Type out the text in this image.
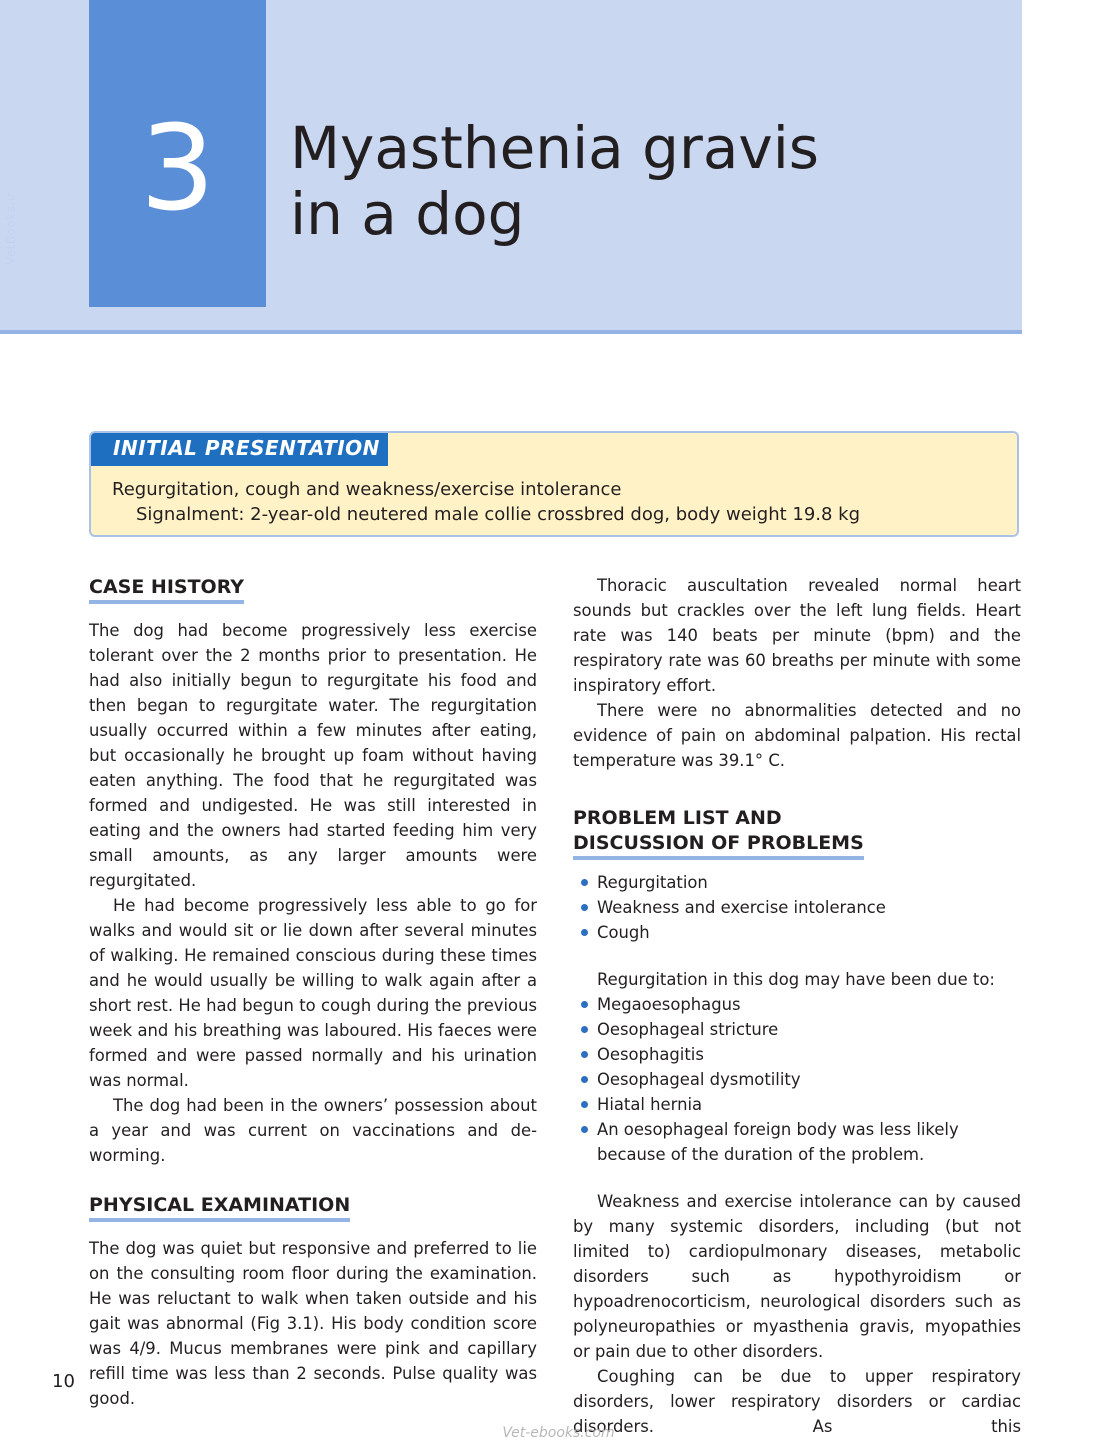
VetBooks.ir	3	Myasthenia gravis
in a dog
INITIAL PRESENTATION
Regurgitation, cough and weakness/exercise intolerance
Signalment: 2-year-old neutered male collie crossbred dog, body weight 19.8 kg
CASE HISTORY

The dog had become progressively less exercise tolerant over the 2 months prior to presentation. He had also initially begun to regurgitate his food and then began to regurgitate water. The regurgitation usually occurred within a few minutes after eating, but occasionally he brought up foam without having eaten anything. The food that he regurgitated was formed and undigested. He was still interested in eating and the owners had started feeding him very small amounts, as any larger amounts were regurgitated.

He had become progressively less able to go for walks and would sit or lie down after several minutes of walking. He remained conscious during these times and he would usually be willing to walk again after a short rest. He had begun to cough during the previous week and his breathing was laboured. His faeces were formed and were passed normally and his urination was normal.

The dog had been in the owners’ possession about a year and was current on vaccinations and de-worming.

PHYSICAL EXAMINATION

The dog was quiet but responsive and preferred to lie on the consulting room floor during the examination. He was reluctant to walk when taken outside and his gait was abnormal (Fig 3.1). His body condition score was 4/9. Mucus membranes were pink and capillary refill time was less than 2 seconds. Pulse quality was good.

Thoracic auscultation revealed normal heart sounds but crackles over the left lung fields. Heart rate was 140 beats per minute (bpm) and the respiratory rate was 60 breaths per minute with some inspiratory effort.

There were no abnormalities detected and no evidence of pain on abdominal palpation. His rectal temperature was 39.1° C.

PROBLEM LIST AND
DISCUSSION OF PROBLEMS
Regurgitation
Weakness and exercise intolerance
Cough

Regurgitation in this dog may have been due to:

Megaoesophagus
Oesophageal stricture
Oesophagitis
Oesophageal dysmotility
Hiatal hernia
An oesophageal foreign body was less likely because of the duration of the problem.

Weakness and exercise intolerance can by caused by many systemic disorders, including (but not limited to) cardiopulmonary diseases, metabolic disorders such as hypothyroidism or hypoadrenocorticism, neurological disorders such as polyneuropathies or myasthenia gravis, myopathies or pain due to other disorders.

Coughing can be due to upper respiratory disorders, lower respiratory disorders or cardiac disorders. As this

10
Vet-ebooks.com
